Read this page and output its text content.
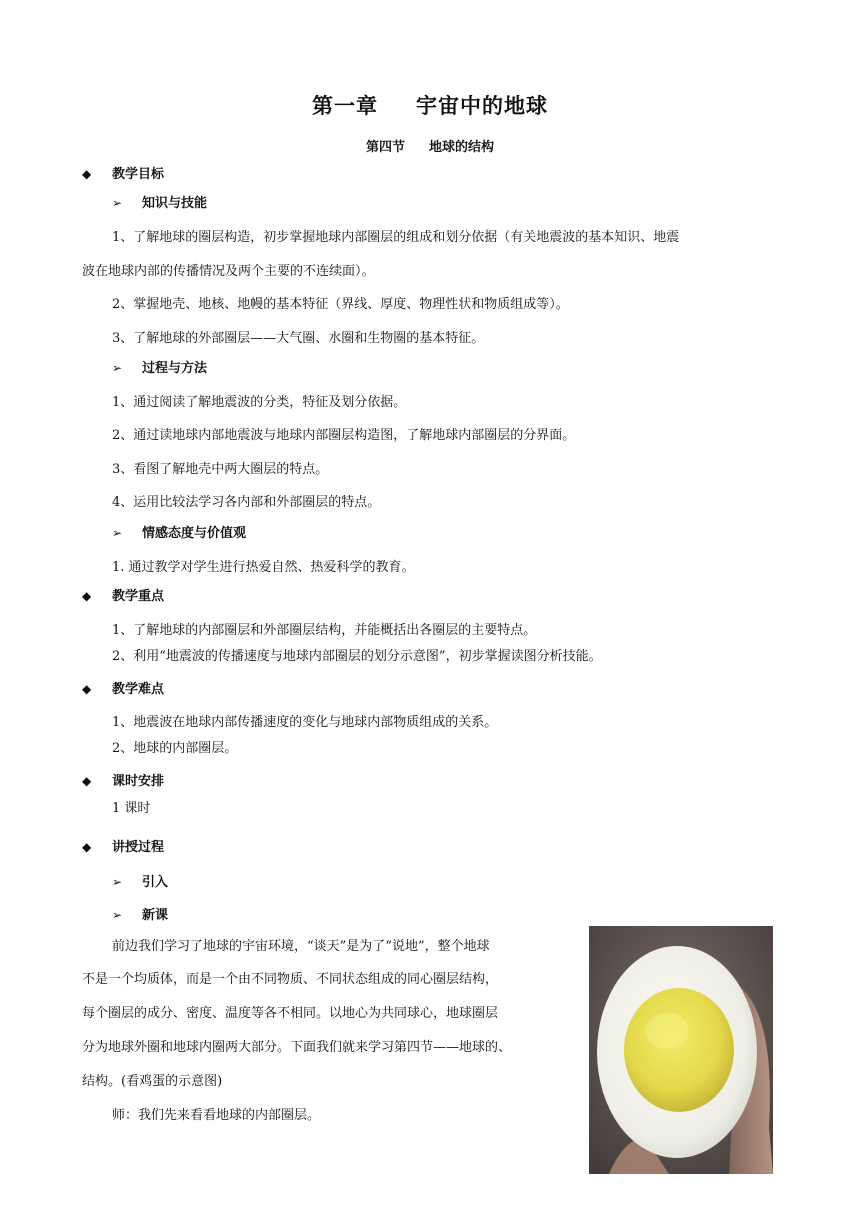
第一章 宇宙中的地球
第四节 地球的结构
◆ 教学目标
➢ 知识与技能
1、了解地球的圈层构造，初步掌握地球内部圈层的组成和划分依据（有关地震波的基本知识、地震
波在地球内部的传播情况及两个主要的不连续面）。
2、掌握地壳、地核、地幔的基本特征（界线、厚度、物理性状和物质组成等）。
3、了解地球的外部圈层——大气圈、水圈和生物圈的基本特征。
➢ 过程与方法
1、通过阅读了解地震波的分类，特征及划分依据。
2、通过读地球内部地震波与地球内部圈层构造图，了解地球内部圈层的分界面。
3、看图了解地壳中两大圈层的特点。
4、运用比较法学习各内部和外部圈层的特点。
➢ 情感态度与价值观
1. 通过教学对学生进行热爱自然、热爱科学的教育。
◆ 教学重点
1、了解地球的内部圈层和外部圈层结构，并能概括出各圈层的主要特点。
2、利用“地震波的传播速度与地球内部圈层的划分示意图”，初步掌握读图分析技能。
◆ 教学难点
1、地震波在地球内部传播速度的变化与地球内部物质组成的关系。
2、地球的内部圈层。
◆ 课时安排
1 课时
◆ 讲授过程
➢ 引入
➢ 新课
前边我们学习了地球的宇宙环境，“谈天”是为了“说地”，整个地球
不是一个均质体，而是一个由不同物质、不同状态组成的同心圈层结构，
每个圈层的成分、密度、温度等各不相同。以地心为共同球心，地球圈层
分为地球外圈和地球内圈两大部分。下面我们就来学习第四节——地球的、
结构。(看鸡蛋的示意图)
师：我们先来看看地球的内部圈层。
